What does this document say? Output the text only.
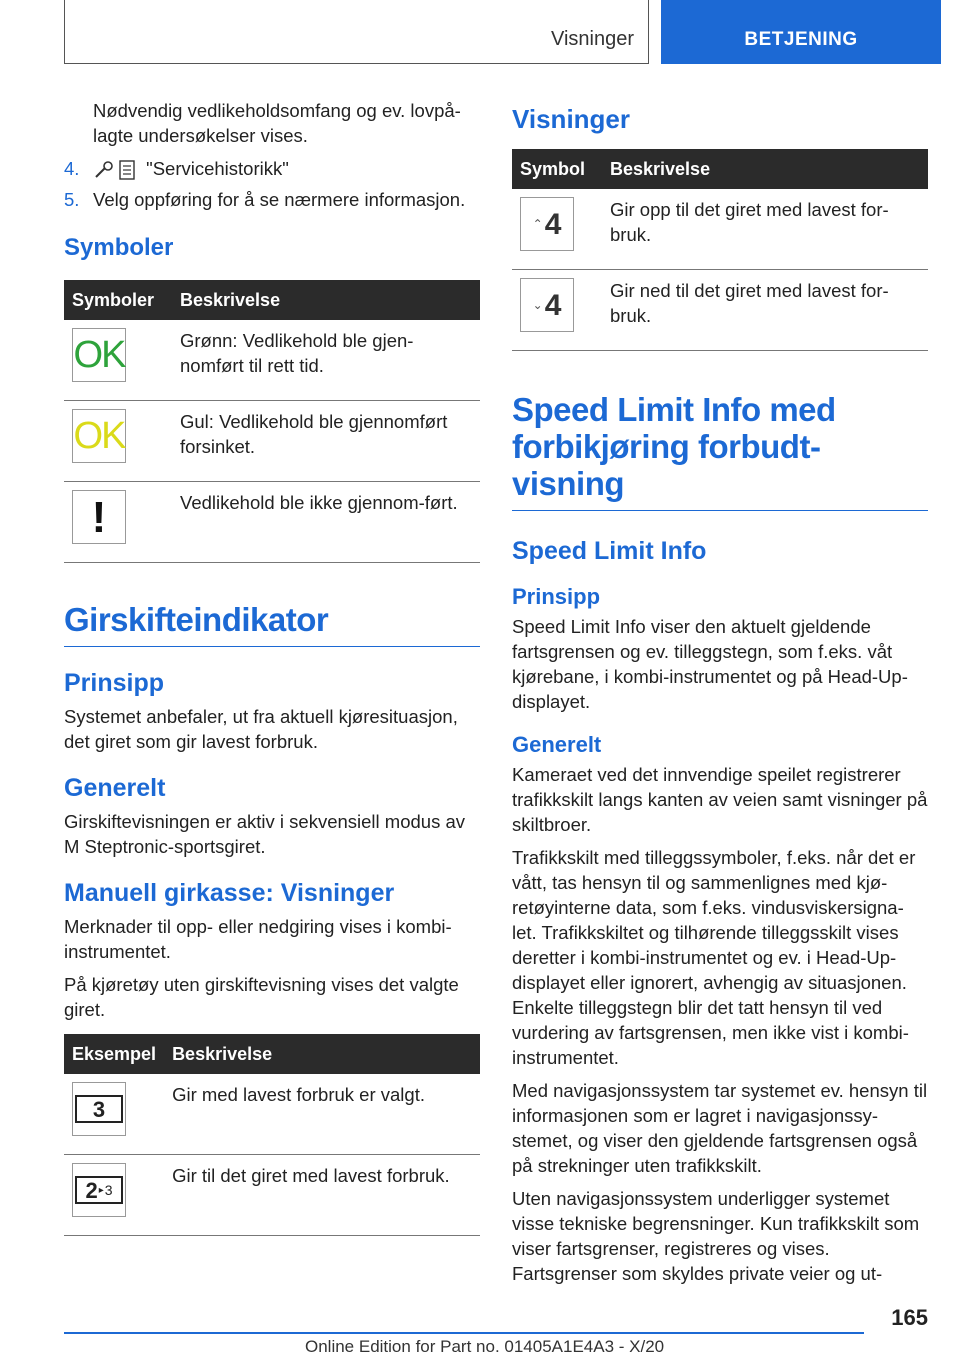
Visninger	BETJENING

Nødvendig vedlikeholdsomfang og ev. lovpå-lagte undersøkelser vises.

4.	"Servicehistorikk"
5. Velg oppføring for å se nærmere informasjon.
Symboler
Symboler	Beskrivelse

OK	Grønn: Vedlikehold ble gjen-nomført til rett tid.

OK	Gul: Vedlikehold ble gjennomført forsinket.

!	Vedlikehold ble ikke gjennom-ført.
Girskifteindikator
Prinsipp

Systemet anbefaler, ut fra aktuell kjøresituasjon, det giret som gir lavest forbruk.

Generelt

Girskiftevisningen er aktiv i sekvensiell modus av M Steptronic-sportsgiret.

Manuell girkasse: Visninger

Merknader til opp- eller nedgiring vises i kombi-instrumentet.

På kjøretøy uten girskiftevisning vises det valgte giret.

Eksempel	Beskrivelse

3	Gir med lavest forbruk er valgt.

2 ▸ 3	Gir til det giret med lavest forbruk.
Visninger
Symbol	Beskrivelse

⌃ 4	Gir opp til det giret med lavest for-bruk.

⌄ 4	Gir ned til det giret med lavest for-bruk.
Speed Limit Info med forbikjøring forbudt-visning
Speed Limit Info
Prinsipp

Speed Limit Info viser den aktuelt gjeldende fartsgrensen og ev. tilleggstegn, som f.eks. våt kjørebane, i kombi-instrumentet og på Head-Up-displayet.

Generelt

Kameraet ved det innvendige speilet registrerer trafikkskilt langs kanten av veien samt visninger på skiltbroer.

Trafikkskilt med tilleggssymboler, f.eks. når det er vått, tas hensyn til og sammenlignes med kjø-retøyinterne data, som f.eks. vindusviskersigna-let. Trafikkskiltet og tilhørende tilleggsskilt vises deretter i kombi-instrumentet og ev. i Head-Up-displayet eller ignorert, avhengig av situasjonen. Enkelte tilleggstegn blir det tatt hensyn til ved vurdering av fartsgrensen, men ikke vist i kombi-instrumentet.

Med navigasjonssystem tar systemet ev. hensyn til informasjonen som er lagret i navigasjonssy-stemet, og viser den gjeldende fartsgrensen også på strekninger uten trafikkskilt.

Uten navigasjonssystem underligger systemet visse tekniske begrensninger. Kun trafikkskilt som viser fartsgrenser, registreres og vises. Fartsgrenser som skyldes private veier og ut-

165
Online Edition for Part no. 01405A1E4A3 - X/20
